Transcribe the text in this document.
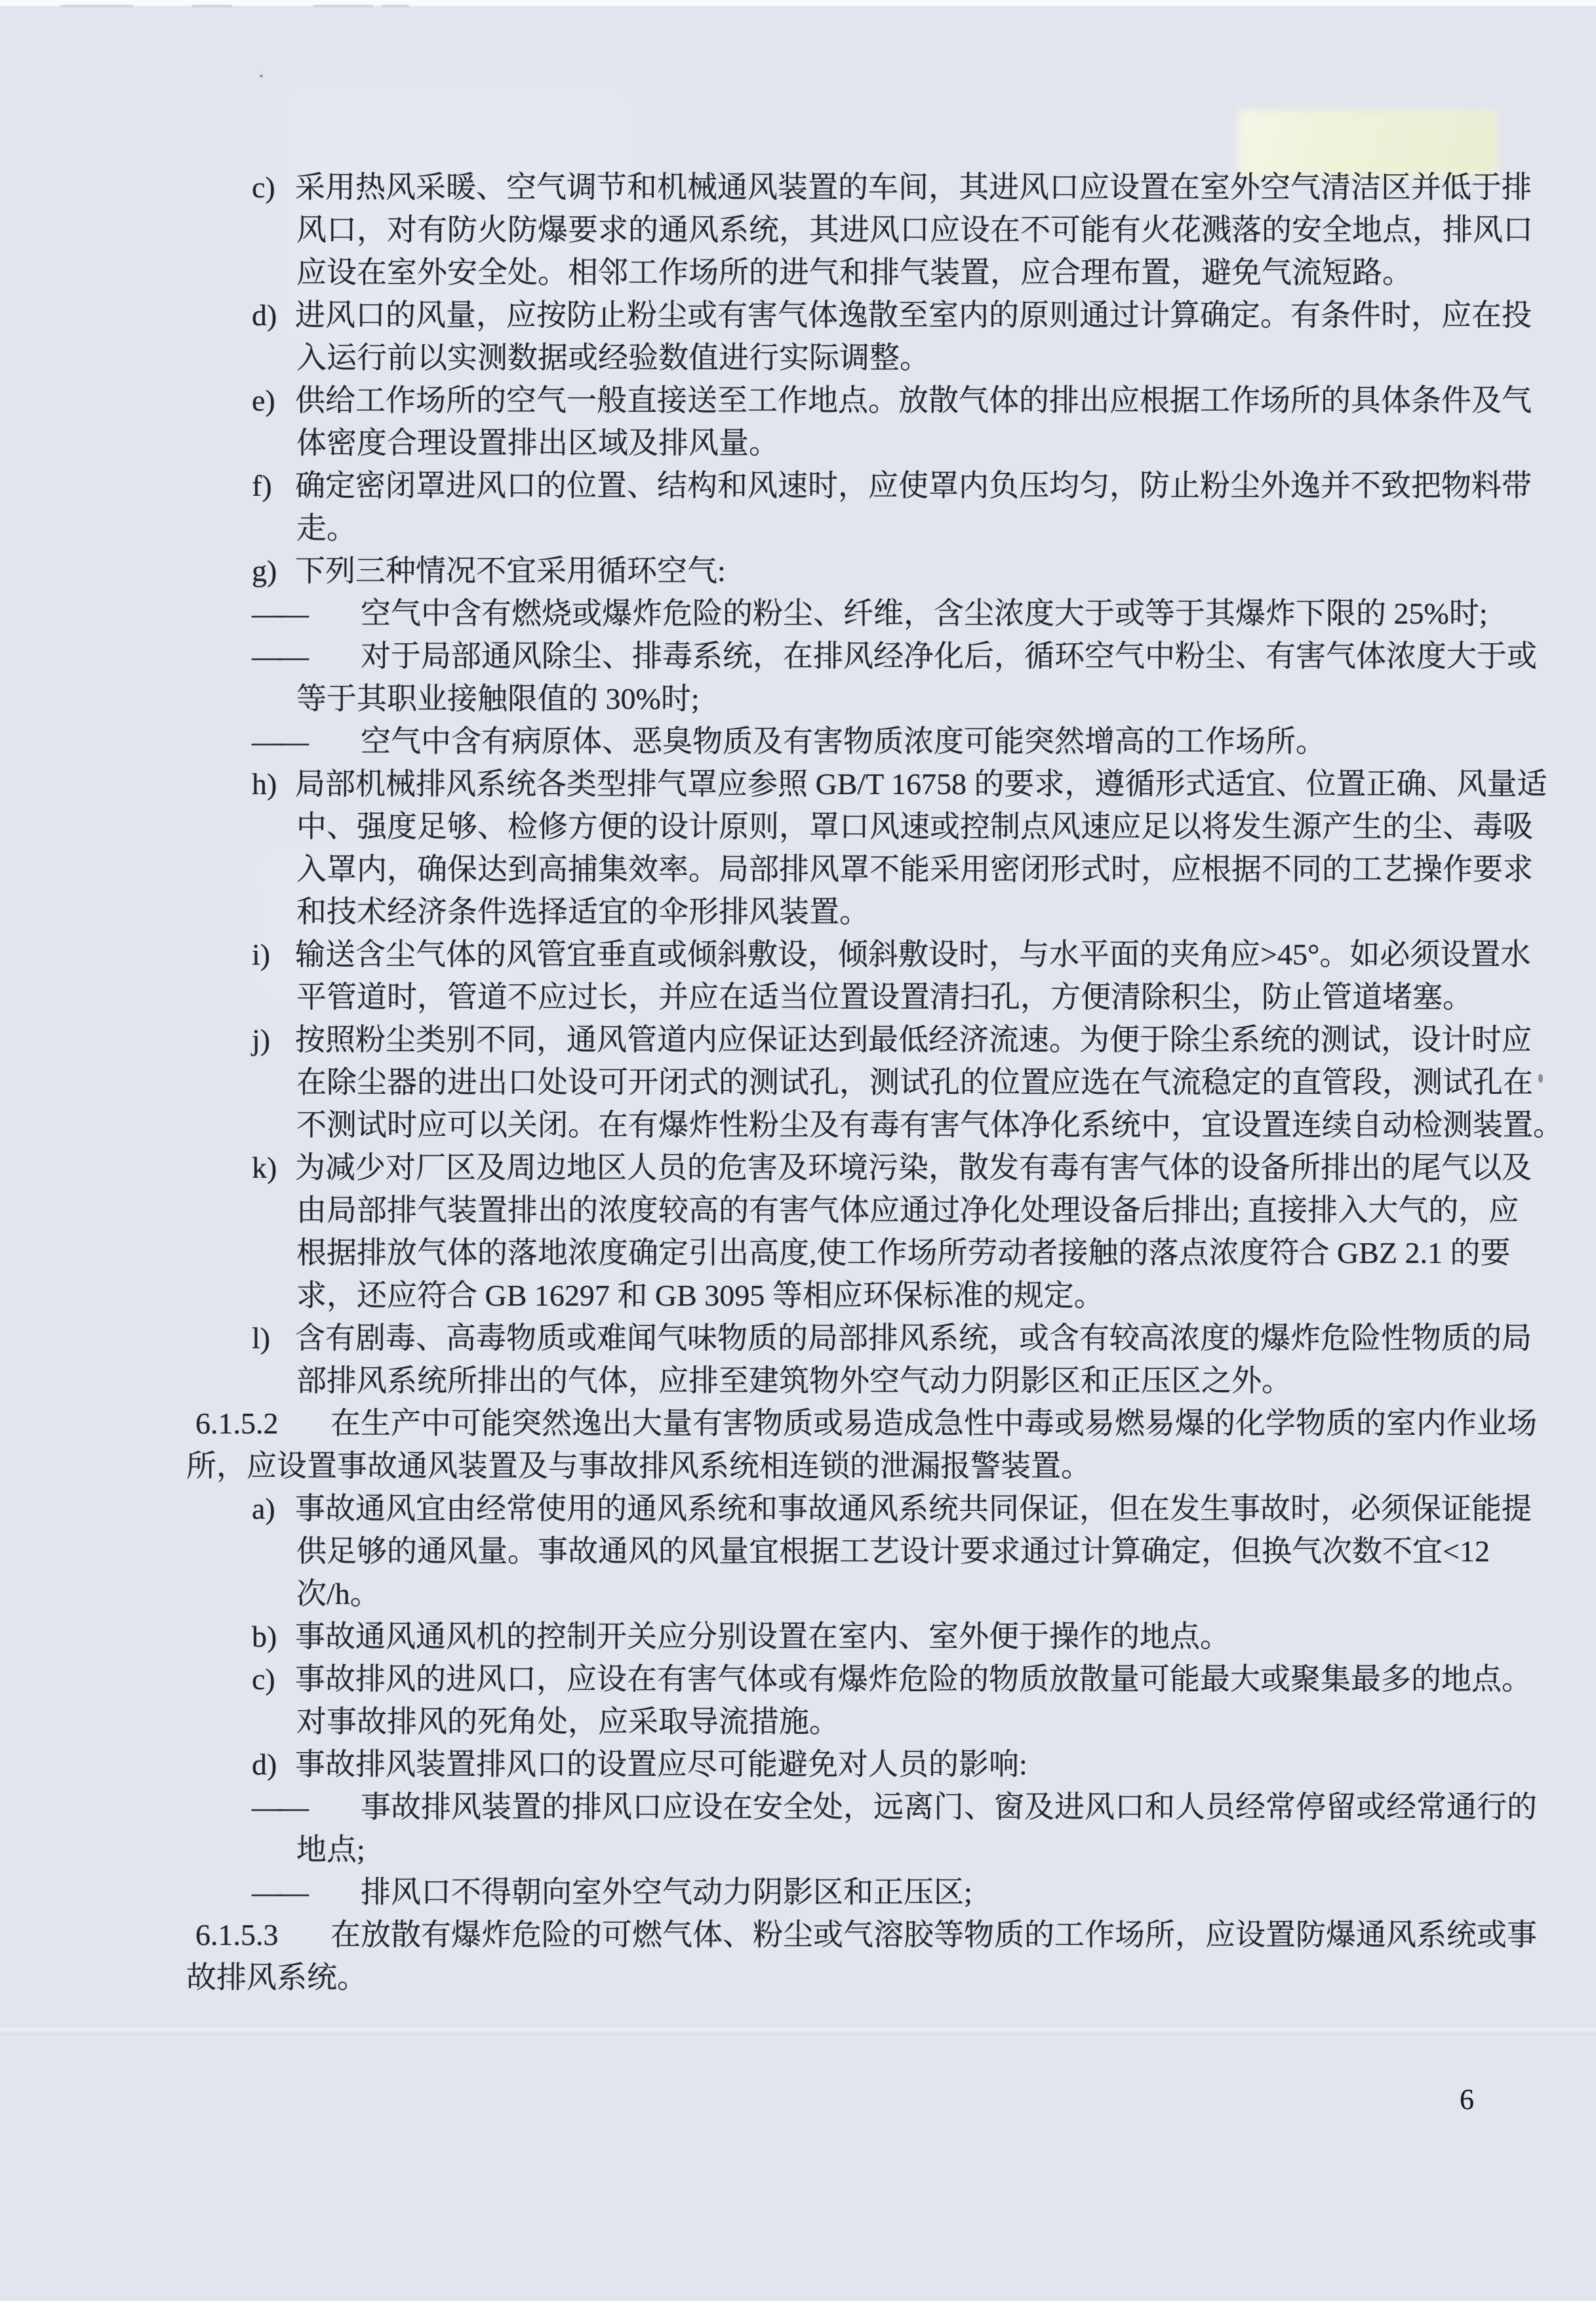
c) 采用热风采暖、空气调节和机械通风装置的车间，其进风口应设置在室外空气清洁区并低于排
风口，对有防火防爆要求的通风系统，其进风口应设在不可能有火花溅落的安全地点，排风口
应设在室外安全处。相邻工作场所的进气和排气装置，应合理布置，避免气流短路。
d) 进风口的风量，应按防止粉尘或有害气体逸散至室内的原则通过计算确定。有条件时，应在投
入运行前以实测数据或经验数值进行实际调整。
e) 供给工作场所的空气一般直接送至工作地点。放散气体的排出应根据工作场所的具体条件及气
体密度合理设置排出区域及排风量。
f) 确定密闭罩进风口的位置、结构和风速时，应使罩内负压均匀，防止粉尘外逸并不致把物料带
走。
g) 下列三种情况不宜采用循环空气:
—— 空气中含有燃烧或爆炸危险的粉尘、纤维，含尘浓度大于或等于其爆炸下限的 25%时;
—— 对于局部通风除尘、排毒系统，在排风经净化后，循环空气中粉尘、有害气体浓度大于或
等于其职业接触限值的 30%时;
—— 空气中含有病原体、恶臭物质及有害物质浓度可能突然增高的工作场所。
h) 局部机械排风系统各类型排气罩应参照 GB/T 16758 的要求，遵循形式适宜、位置正确、风量适
中、强度足够、检修方便的设计原则，罩口风速或控制点风速应足以将发生源产生的尘、毒吸
入罩内，确保达到高捕集效率。局部排风罩不能采用密闭形式时，应根据不同的工艺操作要求
和技术经济条件选择适宜的伞形排风装置。
i) 输送含尘气体的风管宜垂直或倾斜敷设，倾斜敷设时，与水平面的夹角应>45°。如必须设置水
平管道时，管道不应过长，并应在适当位置设置清扫孔，方便清除积尘，防止管道堵塞。
j) 按照粉尘类别不同，通风管道内应保证达到最低经济流速。为便于除尘系统的测试，设计时应
在除尘器的进出口处设可开闭式的测试孔，测试孔的位置应选在气流稳定的直管段，测试孔在
不测试时应可以关闭。在有爆炸性粉尘及有毒有害气体净化系统中，宜设置连续自动检测装置。
k) 为减少对厂区及周边地区人员的危害及环境污染，散发有毒有害气体的设备所排出的尾气以及
由局部排气装置排出的浓度较高的有害气体应通过净化处理设备后排出; 直接排入大气的，应
根据排放气体的落地浓度确定引出高度,使工作场所劳动者接触的落点浓度符合 GBZ 2.1 的要
求，还应符合 GB 16297 和 GB 3095 等相应环保标准的规定。
l) 含有剧毒、高毒物质或难闻气味物质的局部排风系统，或含有较高浓度的爆炸危险性物质的局
部排风系统所排出的气体，应排至建筑物外空气动力阴影区和正压区之外。
6.1.5.2 在生产中可能突然逸出大量有害物质或易造成急性中毒或易燃易爆的化学物质的室内作业场
所，应设置事故通风装置及与事故排风系统相连锁的泄漏报警装置。
a) 事故通风宜由经常使用的通风系统和事故通风系统共同保证，但在发生事故时，必须保证能提
供足够的通风量。事故通风的风量宜根据工艺设计要求通过计算确定，但换气次数不宜<12
次/h。
b) 事故通风通风机的控制开关应分别设置在室内、室外便于操作的地点。
c) 事故排风的进风口，应设在有害气体或有爆炸危险的物质放散量可能最大或聚集最多的地点。
对事故排风的死角处，应采取导流措施。
d) 事故排风装置排风口的设置应尽可能避免对人员的影响:
—— 事故排风装置的排风口应设在安全处，远离门、窗及进风口和人员经常停留或经常通行的
地点;
—— 排风口不得朝向室外空气动力阴影区和正压区;
6.1.5.3 在放散有爆炸危险的可燃气体、粉尘或气溶胶等物质的工作场所，应设置防爆通风系统或事
故排风系统。
6
